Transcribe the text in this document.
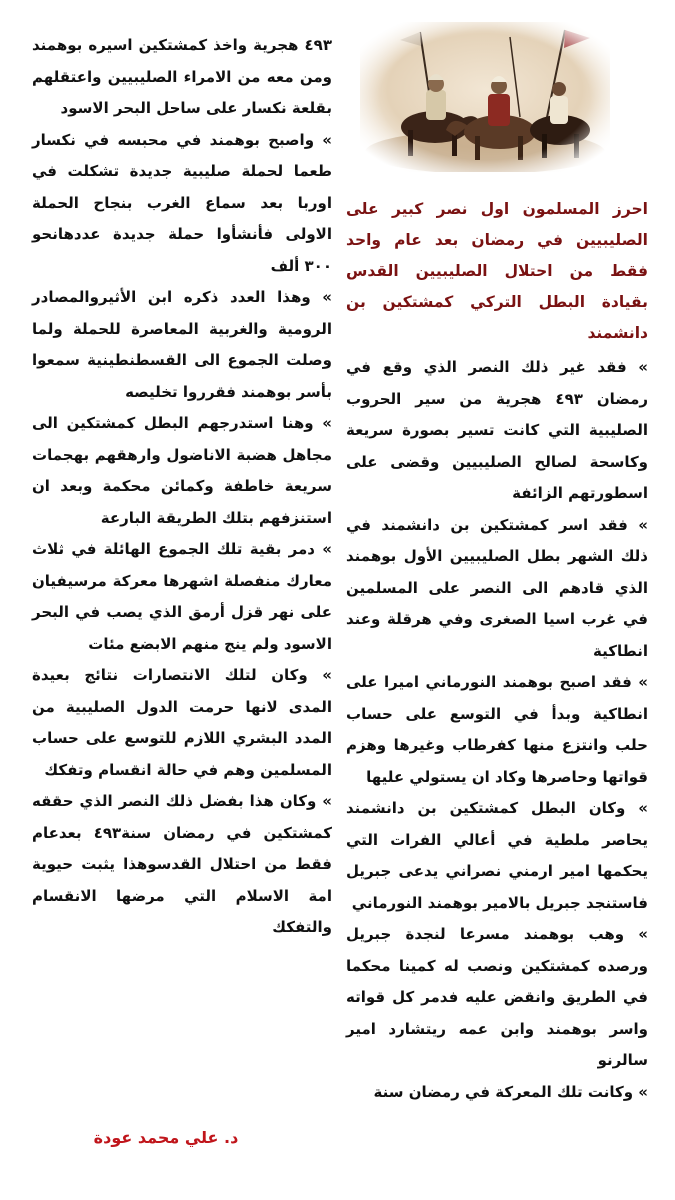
احرز المسلمون اول نصر كبير على الصليبيين في رمضان بعد عام واحد فقط من احتلال الصليبيين القدس بقيادة البطل التركي كمشتكين بن دانشمند

» فقد غير ذلك النصر الذي وقع في رمضان ٤٩٣ هجرية من سير الحروب الصليبية التي كانت تسير بصورة سريعة وكاسحة لصالح الصليبيين وقضى على اسطورتهم الزائفة

» فقد اسر كمشتكين بن دانشمند في ذلك الشهر بطل الصليبيين الأول بوهمند الذي قادهم الى النصر على المسلمين في غرب اسيا الصغرى وفي هرقلة وعند انطاكية

» فقد اصبح بوهمند النورماني اميرا على انطاكية وبدأ في التوسع على حساب حلب وانتزع منها كفرطاب وغيرها وهزم قواتها وحاصرها وكاد ان يستولي عليها

» وكان البطل كمشتكين بن دانشمند يحاصر ملطية في أعالي الفرات التي يحكمها امير ارمني نصراني يدعى جبريل فاستنجد جبريل بالامير بوهمند النورماني

» وهب بوهمند مسرعا لنجدة جبريل ورصده كمشتكين ونصب له كمينا محكما في الطريق وانقض عليه فدمر كل قواته واسر بوهمند وابن عمه ريتشارد امير سالرنو

» وكانت تلك المعركة في رمضان سنة

٤٩٣ هجرية واخذ كمشتكين اسيره بوهمند ومن معه من الامراء الصليبيين واعتقلهم بقلعة نكسار على ساحل البحر الاسود

» واصبح بوهمند في محبسه في نكسار طعما لحملة صليبية جديدة تشكلت في اوربا بعد سماع الغرب بنجاح الحملة الاولى فأنشأوا حملة جديدة عددهانحو ٣٠٠ ألف

» وهذا العدد ذكره ابن الأثيروالمصادر الرومية والغربية المعاصرة للحملة ولما وصلت الجموع الى القسطنطينية سمعوا بأسر بوهمند فقرروا تخليصه

» وهنا استدرجهم البطل كمشتكين الى مجاهل هضبة الاناضول وارهقهم بهجمات سريعة خاطفة وكمائن محكمة وبعد ان استنزفهم بتلك الطريقة البارعة

» دمر بقية تلك الجموع الهائلة في ثلاث معارك منفصلة اشهرها معركة مرسيفيان على نهر قزل أرمق الذي يصب في البحر الاسود ولم ينج منهم الابضع مئات

» وكان لتلك الانتصارات نتائج بعيدة المدى لانها حرمت الدول الصليبية من المدد البشري اللازم للتوسع على حساب المسلمين وهم في حالة انقسام وتفكك

» وكان هذا بفضل ذلك النصر الذي حققه كمشتكين في رمضان سنة٤٩٣ بعدعام فقط من احتلال القدسوهذا يثبت حيوية امة الاسلام التي مرضها الانقسام والتفكك

د. علي محمد عودة
